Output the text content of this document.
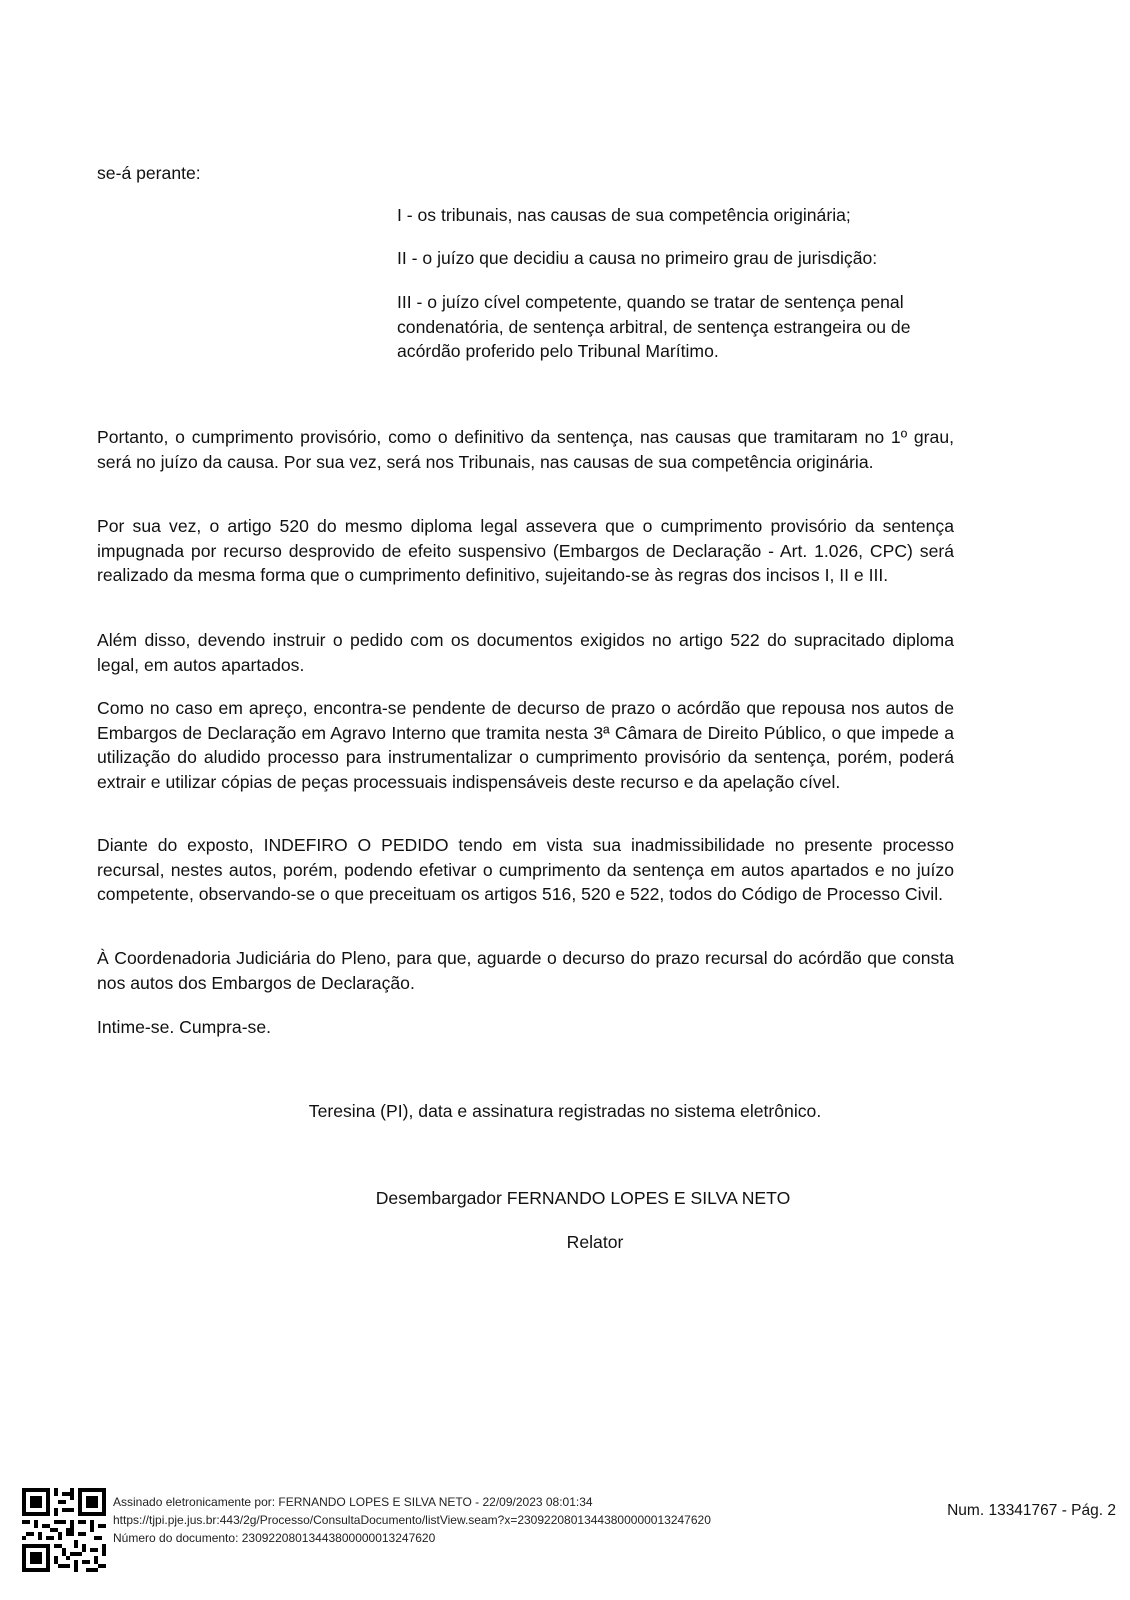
se-á perante:

I - os tribunais, nas causas de sua competência originária;

II - o juízo que decidiu a causa no primeiro grau de jurisdição:

III - o juízo cível competente, quando se tratar de sentença penal condenatória, de sentença arbitral, de sentença estrangeira ou de acórdão proferido pelo Tribunal Marítimo.

Portanto, o cumprimento provisório, como o definitivo da sentença, nas causas que tramitaram no 1º grau, será no juízo da causa. Por sua vez, será nos Tribunais, nas causas de sua competência originária.

Por sua vez, o artigo 520 do mesmo diploma legal assevera que o cumprimento provisório da sentença impugnada por recurso desprovido de efeito suspensivo (Embargos de Declaração - Art. 1.026, CPC) será realizado da mesma forma que o cumprimento definitivo, sujeitando-se às regras dos incisos I, II e III.

Além disso, devendo instruir o pedido com os documentos exigidos no artigo 522 do supracitado diploma legal, em autos apartados.

Como no caso em apreço, encontra-se pendente de decurso de prazo o acórdão que repousa nos autos de Embargos de Declaração em Agravo Interno que tramita nesta 3ª Câmara de Direito Público, o que impede a utilização do aludido processo para instrumentalizar o cumprimento provisório da sentença, porém, poderá extrair e utilizar cópias de peças processuais indispensáveis deste recurso e da apelação cível.

Diante do exposto, INDEFIRO O PEDIDO tendo em vista sua inadmissibilidade no presente processo recursal, nestes autos, porém, podendo efetivar o cumprimento da sentença em autos apartados e no juízo competente, observando-se o que preceituam os artigos 516, 520 e 522, todos do Código de Processo Civil.

À Coordenadoria Judiciária do Pleno, para que, aguarde o decurso do prazo recursal do acórdão que consta nos autos dos Embargos de Declaração.

Intime-se. Cumpra-se.

Teresina (PI), data e assinatura registradas no sistema eletrônico.

Desembargador FERNANDO LOPES E SILVA NETO

Relator

Assinado eletronicamente por: FERNANDO LOPES E SILVA NETO - 22/09/2023 08:01:34
https://tjpi.pje.jus.br:443/2g/Processo/ConsultaDocumento/listView.seam?x=23092208013443800000013247620
Número do documento: 23092208013443800000013247620
Num. 13341767 - Pág. 2
